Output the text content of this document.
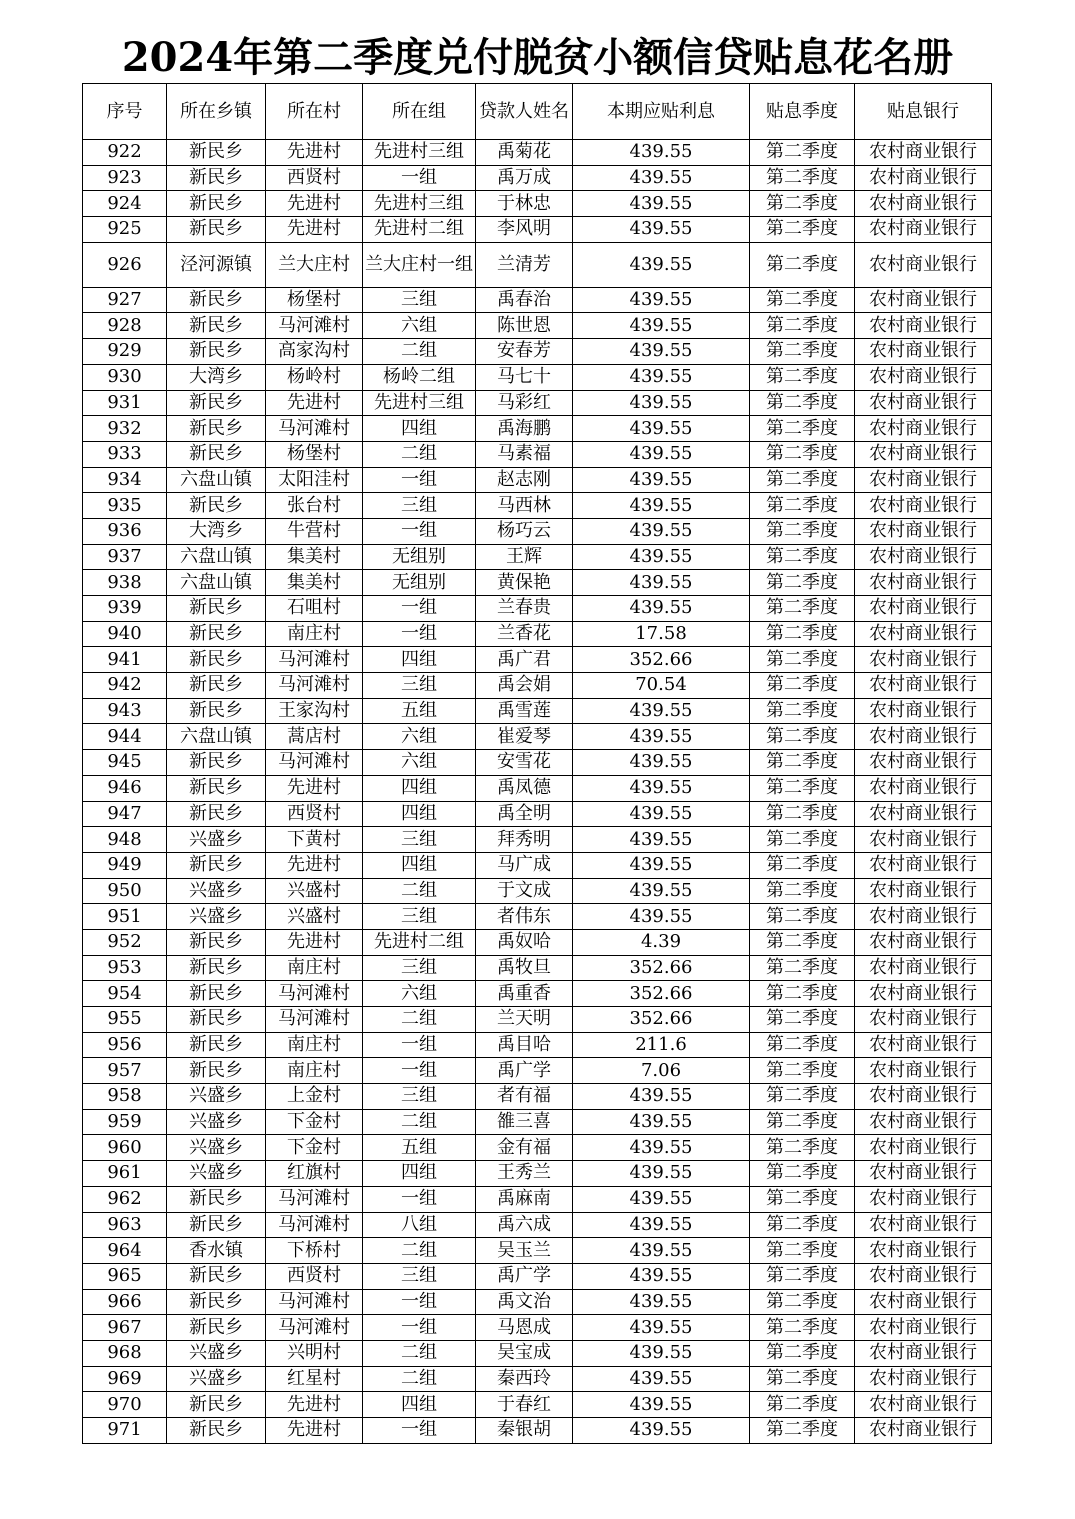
2024年第二季度兑付脱贫小额信贷贴息花名册
序号	所在乡镇	所在村	所在组	贷款人姓名	本期应贴利息	贴息季度	贴息银行
922	新民乡	先进村	先进村三组	禹菊花	439.55	第二季度	农村商业银行
923	新民乡	西贤村	一组	禹万成	439.55	第二季度	农村商业银行
924	新民乡	先进村	先进村三组	于林忠	439.55	第二季度	农村商业银行
925	新民乡	先进村	先进村二组	李风明	439.55	第二季度	农村商业银行
926	泾河源镇	兰大庄村	兰大庄村一组	兰清芳	439.55	第二季度	农村商业银行
927	新民乡	杨堡村	三组	禹春治	439.55	第二季度	农村商业银行
928	新民乡	马河滩村	六组	陈世恩	439.55	第二季度	农村商业银行
929	新民乡	高家沟村	二组	安春芳	439.55	第二季度	农村商业银行
930	大湾乡	杨岭村	杨岭二组	马七十	439.55	第二季度	农村商业银行
931	新民乡	先进村	先进村三组	马彩红	439.55	第二季度	农村商业银行
932	新民乡	马河滩村	四组	禹海鹏	439.55	第二季度	农村商业银行
933	新民乡	杨堡村	二组	马素福	439.55	第二季度	农村商业银行
934	六盘山镇	太阳洼村	一组	赵志刚	439.55	第二季度	农村商业银行
935	新民乡	张台村	三组	马西林	439.55	第二季度	农村商业银行
936	大湾乡	牛营村	一组	杨巧云	439.55	第二季度	农村商业银行
937	六盘山镇	集美村	无组别	王辉	439.55	第二季度	农村商业银行
938	六盘山镇	集美村	无组别	黄保艳	439.55	第二季度	农村商业银行
939	新民乡	石咀村	一组	兰春贵	439.55	第二季度	农村商业银行
940	新民乡	南庄村	一组	兰香花	17.58	第二季度	农村商业银行
941	新民乡	马河滩村	四组	禹广君	352.66	第二季度	农村商业银行
942	新民乡	马河滩村	三组	禹会娟	70.54	第二季度	农村商业银行
943	新民乡	王家沟村	五组	禹雪莲	439.55	第二季度	农村商业银行
944	六盘山镇	蒿店村	六组	崔爱琴	439.55	第二季度	农村商业银行
945	新民乡	马河滩村	六组	安雪花	439.55	第二季度	农村商业银行
946	新民乡	先进村	四组	禹凤德	439.55	第二季度	农村商业银行
947	新民乡	西贤村	四组	禹全明	439.55	第二季度	农村商业银行
948	兴盛乡	下黄村	三组	拜秀明	439.55	第二季度	农村商业银行
949	新民乡	先进村	四组	马广成	439.55	第二季度	农村商业银行
950	兴盛乡	兴盛村	二组	于文成	439.55	第二季度	农村商业银行
951	兴盛乡	兴盛村	三组	者伟东	439.55	第二季度	农村商业银行
952	新民乡	先进村	先进村二组	禹奴哈	4.39	第二季度	农村商业银行
953	新民乡	南庄村	三组	禹牧旦	352.66	第二季度	农村商业银行
954	新民乡	马河滩村	六组	禹重香	352.66	第二季度	农村商业银行
955	新民乡	马河滩村	二组	兰天明	352.66	第二季度	农村商业银行
956	新民乡	南庄村	一组	禹目哈	211.6	第二季度	农村商业银行
957	新民乡	南庄村	一组	禹广学	7.06	第二季度	农村商业银行
958	兴盛乡	上金村	三组	者有福	439.55	第二季度	农村商业银行
959	兴盛乡	下金村	二组	雒三喜	439.55	第二季度	农村商业银行
960	兴盛乡	下金村	五组	金有福	439.55	第二季度	农村商业银行
961	兴盛乡	红旗村	四组	王秀兰	439.55	第二季度	农村商业银行
962	新民乡	马河滩村	一组	禹麻南	439.55	第二季度	农村商业银行
963	新民乡	马河滩村	八组	禹六成	439.55	第二季度	农村商业银行
964	香水镇	下桥村	二组	吴玉兰	439.55	第二季度	农村商业银行
965	新民乡	西贤村	三组	禹广学	439.55	第二季度	农村商业银行
966	新民乡	马河滩村	一组	禹文治	439.55	第二季度	农村商业银行
967	新民乡	马河滩村	一组	马恩成	439.55	第二季度	农村商业银行
968	兴盛乡	兴明村	二组	吴宝成	439.55	第二季度	农村商业银行
969	兴盛乡	红星村	二组	秦西玲	439.55	第二季度	农村商业银行
970	新民乡	先进村	四组	于春红	439.55	第二季度	农村商业银行
971	新民乡	先进村	一组	秦银胡	439.55	第二季度	农村商业银行
